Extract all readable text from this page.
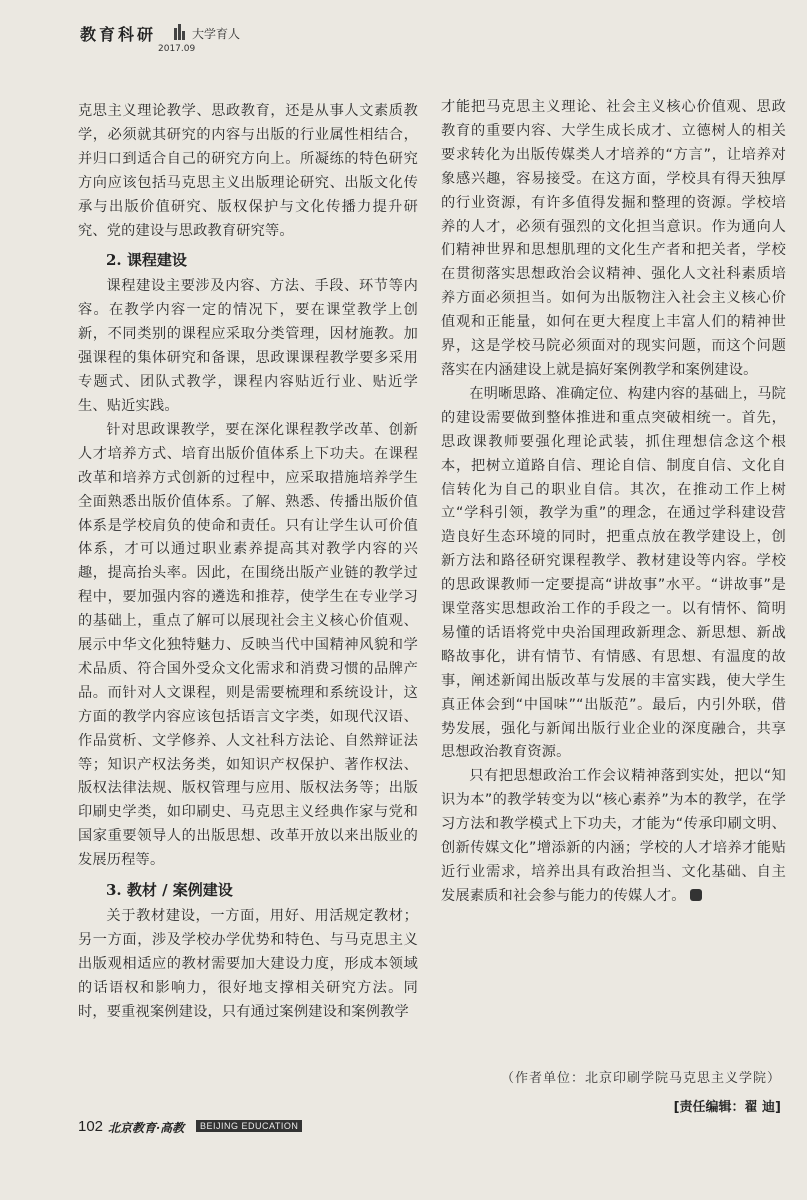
教育科研	大学育人
2017.09

克思主义理论教学、思政教育，还是从事人文素质教学，必须就其研究的内容与出版的行业属性相结合，并归口到适合自己的研究方向上。所凝练的特色研究方向应该包括马克思主义出版理论研究、出版文化传承与出版价值研究、版权保护与文化传播力提升研究、党的建设与思政教育研究等。

2. 课程建设

课程建设主要涉及内容、方法、手段、环节等内容。在教学内容一定的情况下，要在课堂教学上创新，不同类别的课程应采取分类管理，因材施教。加强课程的集体研究和备课，思政课课程教学要多采用专题式、团队式教学，课程内容贴近行业、贴近学生、贴近实践。

针对思政课教学，要在深化课程教学改革、创新人才培养方式、培育出版价值体系上下功夫。在课程改革和培养方式创新的过程中，应采取措施培养学生全面熟悉出版价值体系。了解、熟悉、传播出版价值体系是学校肩负的使命和责任。只有让学生认可价值体系，才可以通过职业素养提高其对教学内容的兴趣，提高抬头率。因此，在围绕出版产业链的教学过程中，要加强内容的遴选和推荐，使学生在专业学习的基础上，重点了解可以展现社会主义核心价值观、展示中华文化独特魅力、反映当代中国精神风貌和学术品质、符合国外受众文化需求和消费习惯的品牌产品。而针对人文课程，则是需要梳理和系统设计，这方面的教学内容应该包括语言文字类，如现代汉语、作品赏析、文学修养、人文社科方法论、自然辩证法等；知识产权法务类，如知识产权保护、著作权法、版权法律法规、版权管理与应用、版权法务等；出版印刷史学类，如印刷史、马克思主义经典作家与党和国家重要领导人的出版思想、改革开放以来出版业的发展历程等。

3. 教材 / 案例建设

关于教材建设，一方面，用好、用活规定教材；另一方面，涉及学校办学优势和特色、与马克思主义出版观相适应的教材需要加大建设力度，形成本领域的话语权和影响力，很好地支撑相关研究方法。同时，要重视案例建设，只有通过案例建设和案例教学

才能把马克思主义理论、社会主义核心价值观、思政教育的重要内容、大学生成长成才、立德树人的相关要求转化为出版传媒类人才培养的“方言”，让培养对象感兴趣，容易接受。在这方面，学校具有得天独厚的行业资源，有许多值得发掘和整理的资源。学校培养的人才，必须有强烈的文化担当意识。作为通向人们精神世界和思想肌理的文化生产者和把关者，学校在贯彻落实思想政治会议精神、强化人文社科素质培养方面必须担当。如何为出版物注入社会主义核心价值观和正能量，如何在更大程度上丰富人们的精神世界，这是学校马院必须面对的现实问题，而这个问题落实在内涵建设上就是搞好案例教学和案例建设。

在明晰思路、准确定位、构建内容的基础上，马院的建设需要做到整体推进和重点突破相统一。首先，思政课教师要强化理论武装，抓住理想信念这个根本，把树立道路自信、理论自信、制度自信、文化自信转化为自己的职业自信。其次，在推动工作上树立“学科引领，教学为重”的理念，在通过学科建设营造良好生态环境的同时，把重点放在教学建设上，创新方法和路径研究课程教学、教材建设等内容。学校的思政课教师一定要提高“讲故事”水平。“讲故事”是课堂落实思想政治工作的手段之一。以有情怀、简明易懂的话语将党中央治国理政新理念、新思想、新战略故事化，讲有情节、有情感、有思想、有温度的故事，阐述新闻出版改革与发展的丰富实践，使大学生真正体会到“中国味”“出版范”。最后，内引外联，借势发展，强化与新闻出版行业企业的深度融合，共享思想政治教育资源。

只有把思想政治工作会议精神落到实处，把以“知识为本”的教学转变为以“核心素养”为本的教学，在学习方法和教学模式上下功夫，才能为“传承印刷文明、创新传媒文化”增添新的内涵；学校的人才培养才能贴近行业需求，培养出具有政治担当、文化基础、自主发展素质和社会参与能力的传媒人才。

（作者单位：北京印刷学院马克思主义学院）
[责任编辑：翟 迪]
102 北京教育·高教	BEIJING EDUCATION
